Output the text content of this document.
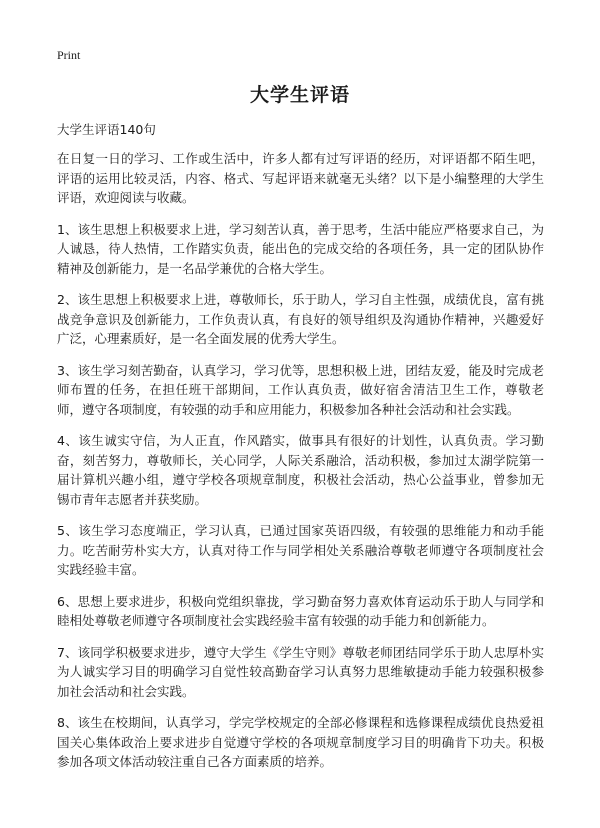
Print
大学生评语

大学生评语140句

在日复一日的学习、工作或生活中，许多人都有过写评语的经历，对评语都不陌生吧，评语的运用比较灵活，内容、格式、写起评语来就毫无头绪？以下是小编整理的大学生评语，欢迎阅读与收藏。

1、该生思想上积极要求上进，学习刻苦认真，善于思考，生活中能应严格要求自己，为人诚恳，待人热情，工作踏实负责，能出色的完成交给的各项任务，具一定的团队协作精神及创新能力，是一名品学兼优的合格大学生。

2、该生思想上积极要求上进，尊敬师长，乐于助人，学习自主性强，成绩优良，富有挑战竞争意识及创新能力，工作负责认真，有良好的领导组织及沟通协作精神，兴趣爱好广泛，心理素质好，是一名全面发展的优秀大学生。

3、该生学习刻苦勤奋，认真学习，学习优等，思想积极上进，团结友爱，能及时完成老师布置的任务，在担任班干部期间，工作认真负责，做好宿舍清洁卫生工作，尊敬老师，遵守各项制度，有较强的动手和应用能力，积极参加各种社会活动和社会实践。

4、该生诚实守信，为人正直，作风踏实，做事具有很好的计划性，认真负责。学习勤奋，刻苦努力，尊敬师长，关心同学，人际关系融洽，活动积极，参加过太湖学院第一届计算机兴趣小组，遵守学校各项规章制度，积极社会活动，热心公益事业，曾参加无锡市青年志愿者并获奖励。

5、该生学习态度端正，学习认真，已通过国家英语四级，有较强的思维能力和动手能力。吃苦耐劳朴实大方，认真对待工作与同学相处关系融洽尊敬老师遵守各项制度社会实践经验丰富。

6、思想上要求进步，积极向党组织靠拢，学习勤奋努力喜欢体育运动乐于助人与同学和睦相处尊敬老师遵守各项制度社会实践经验丰富有较强的动手能力和创新能力。

7、该同学积极要求进步，遵守大学生《学生守则》尊敬老师团结同学乐于助人忠厚朴实为人诚实学习目的明确学习自觉性较高勤奋学习认真努力思维敏捷动手能力较强积极参加社会活动和社会实践。

8、该生在校期间，认真学习，学完学校规定的全部必修课程和选修课程成绩优良热爱祖国关心集体政治上要求进步自觉遵守学校的各项规章制度学习目的明确肯下功夫。积极参加各项文体活动较注重自己各方面素质的培养。
